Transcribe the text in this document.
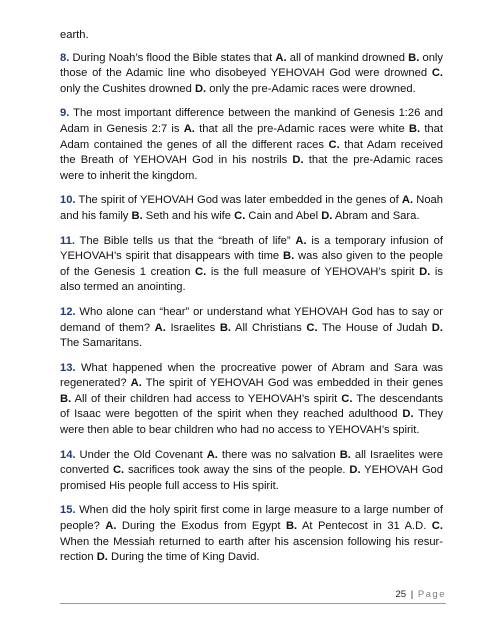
earth.

8. During Noah’s flood the Bible states that A. all of mankind drowned B. only those of the Adamic line who disobeyed YEHOVAH God were drowned C. only the Cushites drowned D. only the pre-Adamic races were drowned.

9. The most important difference between the mankind of Genesis 1:26 and Adam in Genesis 2:7 is A. that all the pre-Adamic races were white B. that Adam contained the genes of all the different races C. that Adam received the Breath of YEHOVAH God in his nostrils D. that the pre-Adamic races were to inherit the kingdom.

10. The spirit of YEHOVAH God was later embedded in the genes of A. Noah and his family B. Seth and his wife C. Cain and Abel D. Abram and Sara.

11. The Bible tells us that the “breath of life” A. is a temporary infusion of YEHOVAH’s spirit that disappears with time B. was also given to the people of the Genesis 1 creation C. is the full measure of YEHOVAH’s spirit D. is also termed an anointing.

12. Who alone can “hear” or understand what YEHOVAH God has to say or demand of them? A. Israelites B. All Christians C. The House of Judah D. The Samaritans.

13. What happened when the procreative power of Abram and Sara was regenerated? A. The spirit of YEHOVAH God was embedded in their genes B. All of their children had access to YEHOVAH’s spirit C. The descendants of Isaac were begotten of the spirit when they reached adulthood D. They were then able to bear children who had no access to YEHOVAH’s spirit.

14. Under the Old Covenant A. there was no salvation B. all Israelites were converted C. sacrifices took away the sins of the people. D. YEHOVAH God promised His people full access to His spirit.

15. When did the holy spirit first come in large measure to a large number of people? A. During the Exodus from Egypt B. At Pentecost in 31 A.D. C. When the Messiah returned to earth after his ascension following his resurrection D. During the time of King David.

25 | Page
